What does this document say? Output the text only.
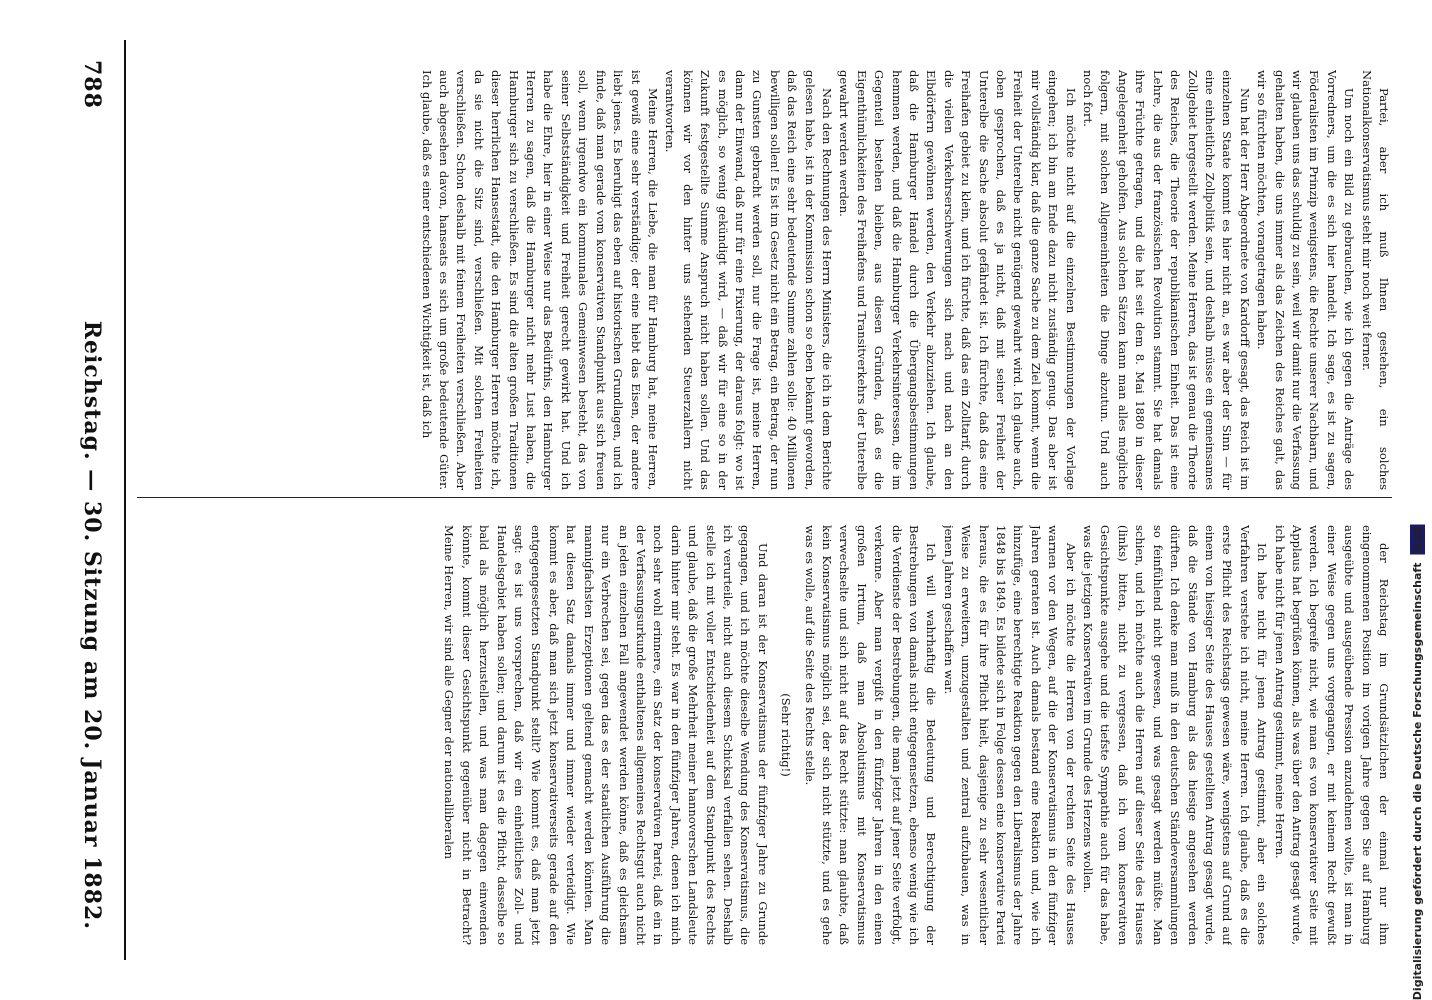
788
Reichstag. — 30. Sitzung am 20. Januar 1882.

Partei, aber ich muß Ihnen gestehen, ein solches Nationalkonservatismus steht mir noch weit ferner.

Um noch ein Bild zu gebrauchen, wie ich gegen die Anträge des Vorredners, um die es sich hier handelt. Ich sage, es ist zu sagen, Föderalisten im Prinzip wenigstens, die Rechte unserer Nachbarn, und wir glauben uns das schuldig zu sein, weil wir damit nur die Verfassung gehalten haben, die uns immer als das Zeichen des Reiches galt, das wir so fürchten möchten, vorangetragen haben.

Nun hat der Herr Abgeordnete von Kardorff gesagt, das Reich ist im einzelnen Staate kommt es hier nicht an, es war aber der Sinn — für eine einheitliche Zollpolitik sein, und deshalb müsse ein gemeinsames Zollgebiet hergestellt werden. Meine Herren, das ist genau die Theorie des Reiches, die Theorie der republikanischen Einheit. Das ist eine Lehre, die aus der französischen Revolution stammt. Sie hat damals ihre Früchte getragen, und die hat seit dem 8. Mai 1880 in dieser Angelegenheit geholfen. Aus solchen Sätzen kann man alles mögliche folgern, mit solchen Allgemeinheiten die Dinge abzutun. Und auch noch fort.

Ich möchte nicht auf die einzelnen Bestimmungen der Vorlage eingehen; ich bin am Ende dazu nicht zuständig genug. Das aber ist mir vollständig klar, daß die ganze Sache zu dem Ziel kommt, wenn die Freiheit der Unterelbe nicht genügend gewahrt wird. Ich glaube auch, oben gesprochen, daß es ja nicht, daß mit seiner Freiheit der Unterelbe die Sache absolut gefährdet ist. Ich fürchte, daß das eine Freihafen gebiet zu klein, und ich fürchte, daß das ein Zolltarif, durch die vielen Verkehrserschwerungen sich nach und nach an den Elbdörfern gewöhnen werden, den Verkehr abzuziehen. Ich glaube, daß die Hamburger Handel durch die Übergangsbestimmungen hemmen werden, und daß die Hamburger Verkehrsinteressen, die im Gegenteil bestehen bleiben, aus diesen Gründen, daß es die Eigenthümlichkeiten des Freihafens und Transitverkehrs der Unterelbe gewahrt werden werden.

Nach den Rechnungen des Herrn Ministers, die ich in dem Berichte gelesen habe, ist in der Kommission schon so eben bekannt geworden, daß das Reich eine sehr bedeutende Summe zahlen solle: 40 Millionen bewilligen sollen! Es ist im Gesetz nicht ein Betrag, ein Betrag, der nun zu Gunsten gebracht werden soll, nur die Frage ist, meine Herren, dann der Einwand, daß nur für eine Fixierung, der daraus folgt: wo ist es möglich, so wenig gekündigt wird, — daß wir für eine so in der Zukunft festgestellte Summe Anspruch nicht haben sollen. Und das können wir vor den hinter uns stehenden Steuerzahlern nicht verantworten.

Meine Herren, die Liebe, die man für Hamburg hat, meine Herren, ist gewiß eine sehr verständige; der eine hiebt das Eisen, der andere liebt jenes. Es beruhigt das eben auf historischen Grundlagen, und ich finde, daß man gerade vom konservativen Standpunkt aus sich freuen soll, wenn irgendwo ein kommunales Gemeinwesen besteht, das von seiner Selbstständigkeit und Freiheit gerecht gewirkt hat. Und ich habe die Ehre, hier in einer Weise nur das Bedürfnis, den Hamburger Herren zu sagen, daß die Hamburger nicht mehr Lust haben, die Hamburger sich zu verschließen. Es sind die alten großen Traditionen dieser herrlichen Hansestadt, die den Hamburger Herren möchte ich, da sie nicht die Sitz sind, verschließen. Mit solchen Freiheiten verschließen. Schon deshalb mit feinem Freiheiten verschließen. Aber auch abgesehen davon, hanseats es sich um große bedeutende Güter. Ich glaube, daß es einer entschiedenen Wichtigkeit ist, daß ich

der Reichstag im Grundsätzlichen der einmal nur ihm eingenommenen Position im vorigen Jahre gegen Sie auf Hamburg ausgeübte und ausgeübende Pression anzudehnen wollte, ist man in einer Weise gegen uns vorgegangen, er mit keinem Recht gewußt werden. Ich begreife nicht, wie man es von konservativer Seite mit Applaus hat begrüßen können, als was über den Antrag gesagt wurde, ich habe nicht für jenen Antrag gestimmt, meine Herren.

Ich habe nicht für jenen Antrag gestimmt, aber ein solches Verfahren verstehe ich nicht, meine Herren. Ich glaube, daß es die erste Pflicht des Reichstags gewesen wäre, wenigstens auf Grund auf einem von hiesiger Seite des Hauses gestellten Antrag gesagt wurde, daß die Stände von Hamburg als das hiesige angesehen werden dürften. Ich denke man muß in den deutschen Ständeversammlungen so feinfühlend nicht gewesen, und was gesagt werden müßte. Man schien, und ich möchte auch die Herren auf dieser Seite des Hauses (links) bitten, nicht zu vergessen, daß ich vom konservativen Gesichtspunkte ausgehe und die tiefste Sympathie auch für das habe, was die jetzigen Konservativen im Grunde des Herzens wollen.

Aber ich möchte die Herren von der rechten Seite des Hauses warnen vor den Wegen, auf die der Konservatismus in den fünfziger Jahren geraten ist. Auch damals bestand eine Reaktion und, wie ich hinzufüge, eine berechtigte Reaktion gegen den Liberalismus der Jahre 1848 bis 1849. Es bildete sich in Folge dessen eine konservative Partei heraus, die es für ihre Pflicht hielt, dasjenige zu sehr wesentlicher Weise zu erweitern, umzugestalten und zentral aufzubauen, was in jenen Jahren geschaffen war.

Ich will wahrhaftig die Bedeutung und Berechtigung der Bestrebungen von damals nicht entgegensetzen, ebenso wenig wie ich die Verdienste der Bestrebungen, die man jetzt auf jener Seite verfolgt, verkenne. Aber man vergißt in den fünfziger Jahren in den einen großen Irrtum, daß man Absolutismus mit Konservatismus verwechselte und sich nicht auf das Recht stützte: man glaubte, daß kein Konservatismus möglich sei, der sich nicht stützte, und es gehe was es wolle, auf die Seite des Rechts stelle.

(Sehr richtig!)

Und daran ist der Konservatismus der fünfziger Jahre zu Grunde gegangen, und ich möchte dieselbe Wendung des Konservatismus, die ich verurteile, nicht auch diesem Schicksal verfallen sehen. Deshalb stelle ich mit voller Entschiedenheit auf dem Standpunkt des Rechts und glaube, daß die große Mehrheit meiner hannoverschen Landsleute darin hinter mir steht. Es war in den fünfziger Jahren, denen ich mich noch sehr wohl erinnere, ein Satz der konservativen Partei, daß ein in der Verfassungsurkunde enthaltenes allgemeines Rechtsgut auch nicht an jeden einzelnen Fall angewendet werden könne, daß es gleichsam nur ein Verbrechen sei, gegen das es der staatlichen Ausführung die mannigfachsten Erzeptionen geltend gemacht werden könnten. Man hat diesen Satz damals immer und immer wieder verteidigt. Wie kommt es aber, daß man sich jetzt konservativerseits gerade auf den entgegengesetzten Standpunkt stellt? Wie kommt es, daß man jetzt sagt: es ist uns vorsprechen, daß wir ein einheitliches Zoll- und Handelsgebiet haben sollen; und darum ist es die Pflicht, dasselbe so bald als möglich herzustellen, und was man dagegen einwenden könnte, kommt dieser Gesichtspunkt gegenüber nicht in Betracht? Meine Herren, wir sind alle Gegner der nationalliberalen	Digitalisierung gefördert durch die Deutsche Forschungsgemeinschaft DFG
